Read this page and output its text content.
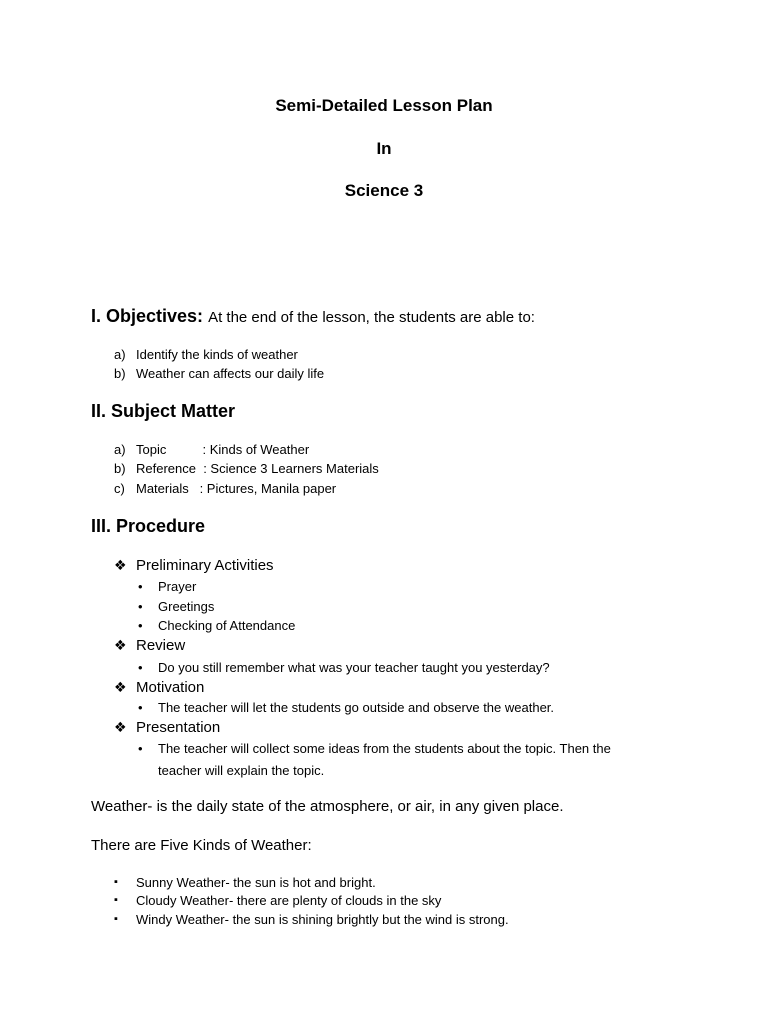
Semi-Detailed Lesson Plan
In
Science 3
I. Objectives: At the end of the lesson, the students are able to:
a) Identify the kinds of weather
b) Weather can affects our daily life
II. Subject Matter
a) Topic          : Kinds of Weather
b) Reference  : Science 3 Learners Materials
c) Materials   : Pictures, Manila paper
III. Procedure
❖ Preliminary Activities
• Prayer
• Greetings
• Checking of Attendance
❖ Review
• Do you still remember what was your teacher taught you yesterday?
❖ Motivation
• The teacher will let the students go outside and observe the weather.
❖ Presentation
• The teacher will collect some ideas from the students about the topic. Then the
teacher will explain the topic.
Weather- is the daily state of the atmosphere, or air, in any given place.
There are Five Kinds of Weather:
▪ Sunny Weather- the sun is hot and bright.
▪ Cloudy Weather- there are plenty of clouds in the sky
▪ Windy Weather- the sun is shining brightly but the wind is strong.
